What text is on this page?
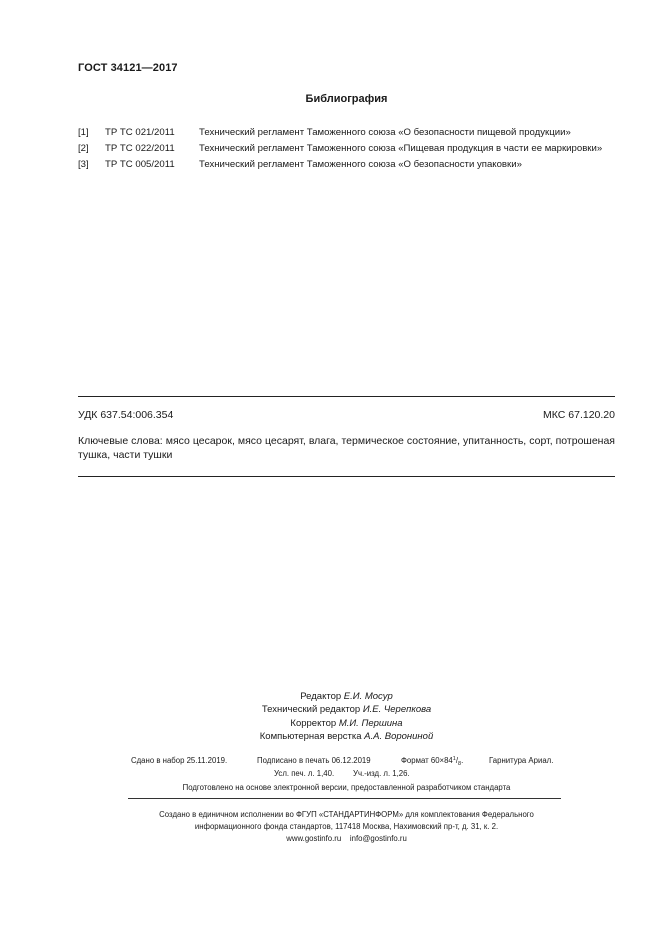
ГОСТ 34121—2017
Библиография
[1] ТР ТС 021/2011	Технический регламент Таможенного союза «О безопасности пищевой продукции»
[2] ТР ТС 022/2011	Технический регламент Таможенного союза «Пищевая продукция в части ее маркировки»
[3] ТР ТС 005/2011	Технический регламент Таможенного союза «О безопасности упаковки»
УДК 637.54:006.354	МКС 67.120.20
Ключевые слова: мясо цесарок, мясо цесарят, влага, термическое состояние, упитанность, сорт, потрошеная тушка, части тушки
Редактор Е.И. Мосур
Технический редактор И.Е. Черепкова
Корректор М.И. Першина
Компьютерная верстка А.А. Ворониной
Сдано в набор 25.11.2019.	Подписано в печать 06.12.2019	Формат $60\times 84^1/_8$.	Гарнитура Ариал.
Усл. печ. л. 1,40. Уч.-изд. л. 1,26.
Подготовлено на основе электронной версии, предоставленной разработчиком стандарта
Создано в единичном исполнении во ФГУП «СТАНДАРТИНФОРМ» для комплектования Федерального
информационного фонда стандартов, 117418 Москва, Нахимовский пр-т, д. 31, к. 2.
www.gostinfo.ru info@gostinfo.ru
